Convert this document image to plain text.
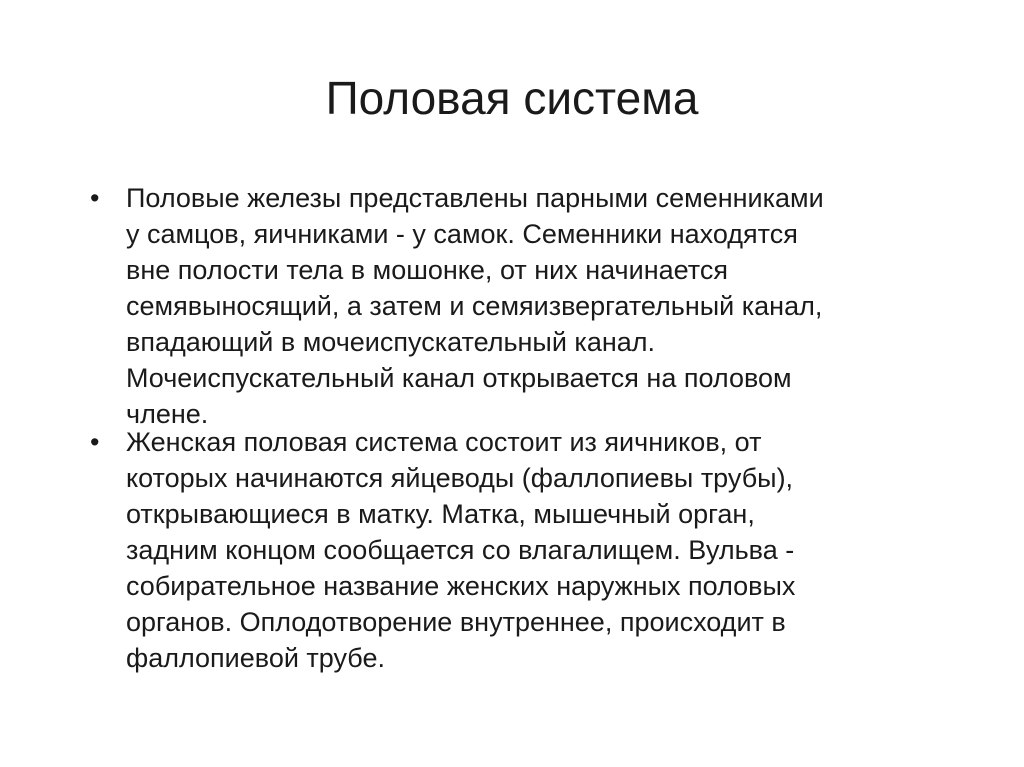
Половая система
• Половые железы представлены парными семенниками
у самцов, яичниками - у самок. Семенники находятся
вне полости тела в мошонке, от них начинается
семявыносящий, а затем и семяизвергательный канал,
впадающий в мочеиспускательный канал.
Мочеиспускательный канал открывается на половом
члене.
• Женская половая система состоит из яичников, от
которых начинаются яйцеводы (фаллопиевы трубы),
открывающиеся в матку. Матка, мышечный орган,
задним концом сообщается со влагалищем. Вульва -
собирательное название женских наружных половых
органов. Оплодотворение внутреннее, происходит в
фаллопиевой трубе.
